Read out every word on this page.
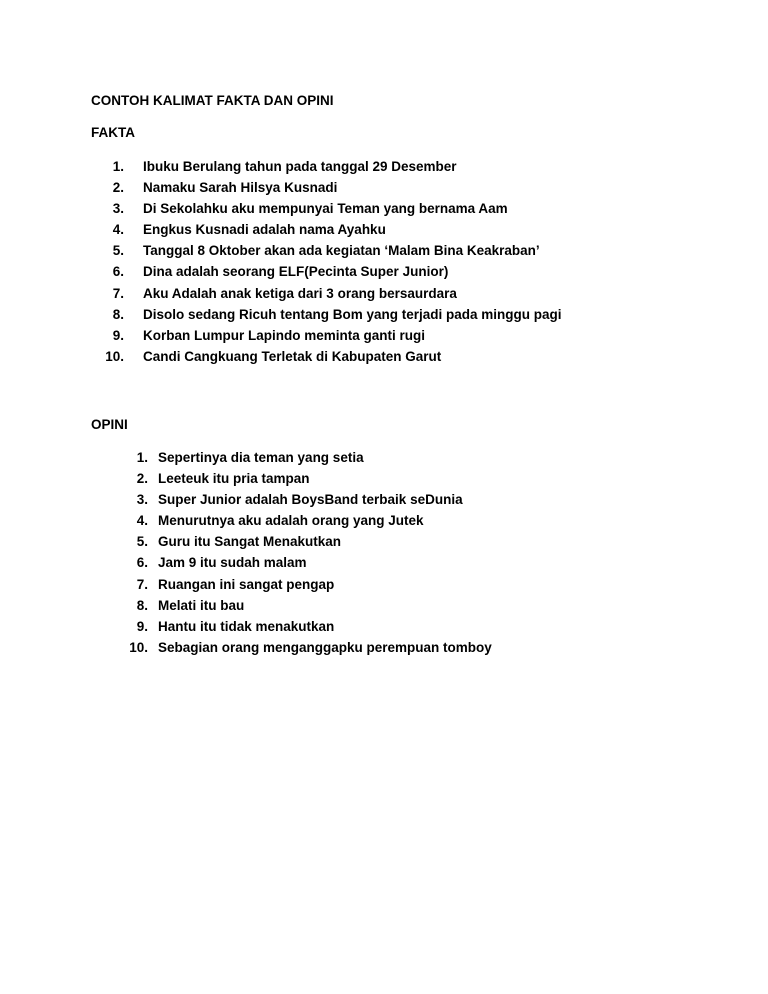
CONTOH KALIMAT FAKTA DAN OPINI
FAKTA
1. Ibuku Berulang tahun pada tanggal 29 Desember
2. Namaku Sarah Hilsya Kusnadi
3. Di Sekolahku aku mempunyai Teman yang bernama Aam
4. Engkus Kusnadi adalah nama Ayahku
5. Tanggal 8 Oktober akan ada kegiatan ‘Malam Bina Keakraban’
6. Dina adalah seorang ELF(Pecinta Super Junior)
7. Aku Adalah anak ketiga dari 3 orang bersaurdara
8. Disolo sedang Ricuh tentang Bom yang terjadi pada minggu pagi
9. Korban Lumpur Lapindo meminta ganti rugi
10. Candi Cangkuang Terletak di Kabupaten Garut
OPINI
1. Sepertinya dia teman yang setia
2. Leeteuk itu pria tampan
3. Super Junior adalah BoysBand terbaik seDunia
4. Menurutnya aku adalah orang yang Jutek
5. Guru itu Sangat Menakutkan
6. Jam 9 itu sudah malam
7. Ruangan ini sangat pengap
8. Melati itu bau
9. Hantu itu tidak menakutkan
10. Sebagian orang menganggapku perempuan tomboy
